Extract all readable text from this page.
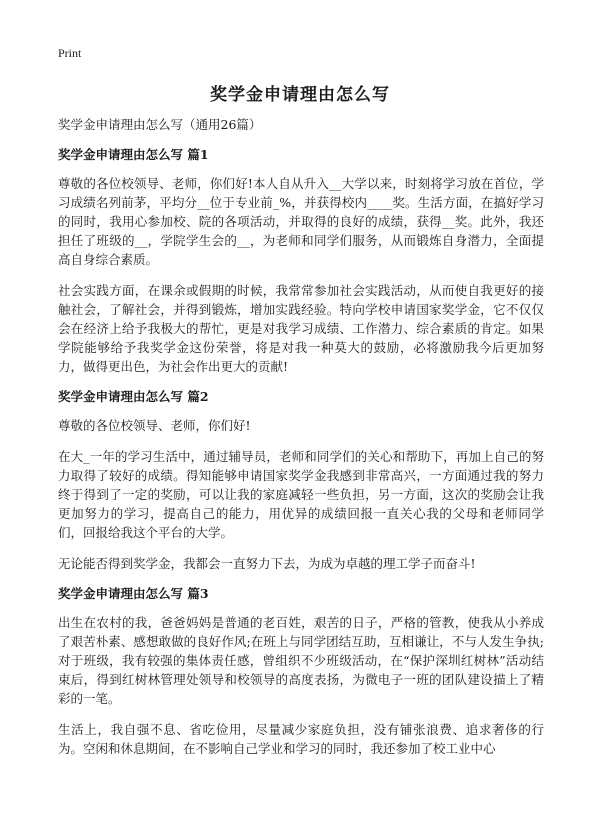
Print
奖学金申请理由怎么写

奖学金申请理由怎么写（通用26篇）

奖学金申请理由怎么写 篇1

尊敬的各位校领导、老师，你们好!本人自从升入__大学以来，时刻将学习放在首位，学习成绩名列前茅，平均分__位于专业前_%，并获得校内____奖。生活方面，在搞好学习的同时，我用心参加校、院的各项活动，并取得的良好的成绩，获得__奖。此外，我还担任了班级的__，学院学生会的__，为老师和同学们服务，从而锻炼自身潜力，全面提高自身综合素质。

社会实践方面，在课余或假期的时候，我常常参加社会实践活动，从而使自我更好的接触社会，了解社会，并得到锻炼，增加实践经验。特向学校申请国家奖学金，它不仅仅会在经济上给予我极大的帮忙，更是对我学习成绩、工作潜力、综合素质的肯定。如果学院能够给予我奖学金这份荣誉，将是对我一种莫大的鼓励，必将激励我今后更加努力，做得更出色，为社会作出更大的贡献!

奖学金申请理由怎么写 篇2

尊敬的各位校领导、老师，你们好!

在大_一年的学习生活中，通过辅导员，老师和同学们的关心和帮助下，再加上自己的努力取得了较好的成绩。得知能够申请国家奖学金我感到非常高兴，一方面通过我的努力终于得到了一定的奖励，可以让我的家庭减轻一些负担，另一方面，这次的奖励会让我更加努力的学习，提高自己的能力，用优异的成绩回报一直关心我的父母和老师同学们，回报给我这个平台的大学。

无论能否得到奖学金，我都会一直努力下去，为成为卓越的理工学子而奋斗!

奖学金申请理由怎么写 篇3

出生在农村的我，爸爸妈妈是普通的老百姓，艰苦的日子，严格的管教，使我从小养成了艰苦朴素、感想敢做的良好作风;在班上与同学团结互助，互相谦让，不与人发生争执;对于班级，我有较强的集体责任感，曾组织不少班级活动，在“保护深圳红树林”活动结束后，得到红树林管理处领导和校领导的高度表扬，为微电子一班的团队建设描上了精彩的一笔。

生活上，我自强不息、省吃俭用，尽量减少家庭负担，没有铺张浪费、追求奢侈的行为。空闲和休息期间，在不影响自己学业和学习的同时，我还参加了校工业中心
